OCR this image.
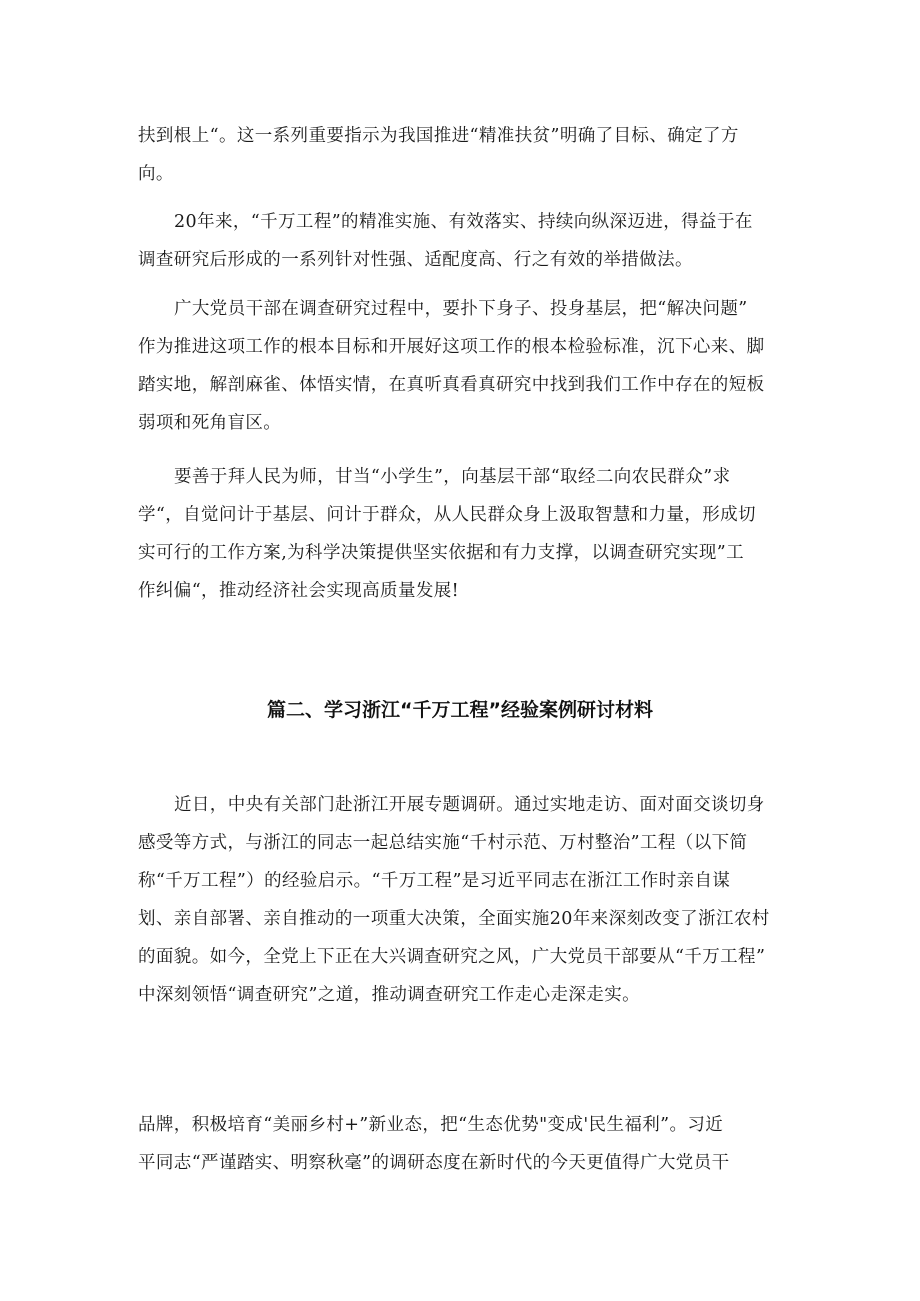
扶到根上“。这一系列重要指示为我国推进“精准扶贫”明确了目标、确定了方
向。
20年来，“千万工程”的精准实施、有效落实、持续向纵深迈进，得益于在
调查研究后形成的一系列针对性强、适配度高、行之有效的举措做法。
广大党员干部在调查研究过程中，要扑下身子、投身基层，把“解决问题”
作为推进这项工作的根本目标和开展好这项工作的根本检验标准，沉下心来、脚
踏实地，解剖麻雀、体悟实情，在真听真看真研究中找到我们工作中存在的短板
弱项和死角盲区。
要善于拜人民为师，甘当“小学生”，向基层干部“取经二向农民群众”求
学“，自觉问计于基层、问计于群众，从人民群众身上汲取智慧和力量，形成切
实可行的工作方案,为科学决策提供坚实依据和有力支撑，以调查研究实现”工
作纠偏“，推动经济社会实现高质量发展!
篇二、学习浙江“千万工程”经验案例研讨材料
近日，中央有关部门赴浙江开展专题调研。通过实地走访、面对面交谈切身
感受等方式，与浙江的同志一起总结实施“千村示范、万村整治”工程（以下简
称“千万工程”）的经验启示。“千万工程”是习近平同志在浙江工作时亲自谋
划、亲自部署、亲自推动的一项重大决策，全面实施20年来深刻改变了浙江农村
的面貌。如今，全党上下正在大兴调查研究之风，广大党员干部要从“千万工程”
中深刻领悟“调查研究”之道，推动调查研究工作走心走深走实。
品牌，积极培育“美丽乡村+”新业态，把“生态优势"变成'民生福利”。习近
平同志“严谨踏实、明察秋毫”的调研态度在新时代的今天更值得广大党员干
